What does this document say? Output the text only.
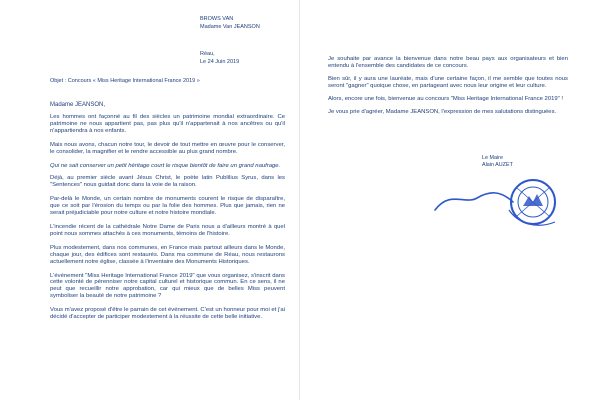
BROWS VAN
Madame Van JEANSON
Réau,
Le 24 Juin 2019
Objet : Concours « Miss Heritage International France 2019 »
Madame JEANSON,

Les hommes ont façonné au fil des siècles un patrimoine mondial extraordinaire. Ce patrimoine ne nous appartient pas, pas plus qu'il n'appartenait à nos ancêtres ou qu'il n'appartiendra à nos enfants.

Mais nous avons, chacun notre tour, le devoir de tout mettre en œuvre pour le conserver, le consolider, la magnifier et le rendre accessible au plus grand nombre.

Qui ne sait conserver un petit héritage court le risque bientôt de faire un grand naufrage.

Déjà, au premier siècle avant Jésus Christ, le poète latin Publilius Syrus, dans les "Sentences" nous guidait donc dans la voie de la raison.

Par-delà le Monde, un certain nombre de monuments courent le risque de disparaître, que ce soit par l'érosion du temps ou par la folie des hommes. Plus que jamais, rien ne serait préjudiciable pour notre culture et notre histoire mondiale.

L'incendie récent de la cathédrale Notre Dame de Paris nous a d'ailleurs montré à quel point nous sommes attachés à ces monuments, témoins de l'histoire.

Plus modestement, dans nos communes, en France mais partout ailleurs dans le Monde, chaque jour, des édifices sont restaurés. Dans ma commune de Réau, nous restaurons actuellement notre église, classée à l'inventaire des Monuments Historiques.

L'événement "Miss Heritage International France 2019" que vous organisez, s'inscrit dans cette volonté de pérenniser notre capital culturel et historique commun. En ce sens, il ne peut que recueillir notre approbation, car qui mieux que de belles Miss peuvent symboliser la beauté de notre patrimoine ?

Vous m'avez proposé d'être le parrain de cet événement. C'est un honneur pour moi et j'ai décidé d'accepter de participer modestement à la réussite de cette belle initiative.

Je souhaite par avance la bienvenue dans notre beau pays aux organisateurs et bien entendu à l'ensemble des candidates de ce concours.

Bien sûr, il y aura une lauréate, mais d'une certaine façon, il me semble que toutes nous seront "gagner" quoique chose, en partageant avec nous leur origine et leur culture.

Alors, encore une fois, bienvenue au concours "Miss Heritage International France 2019" !

Je vous prie d'agréer, Madame JEANSON, l'expression de mes salutations distinguées.

Le Maire
Alain AUZET
